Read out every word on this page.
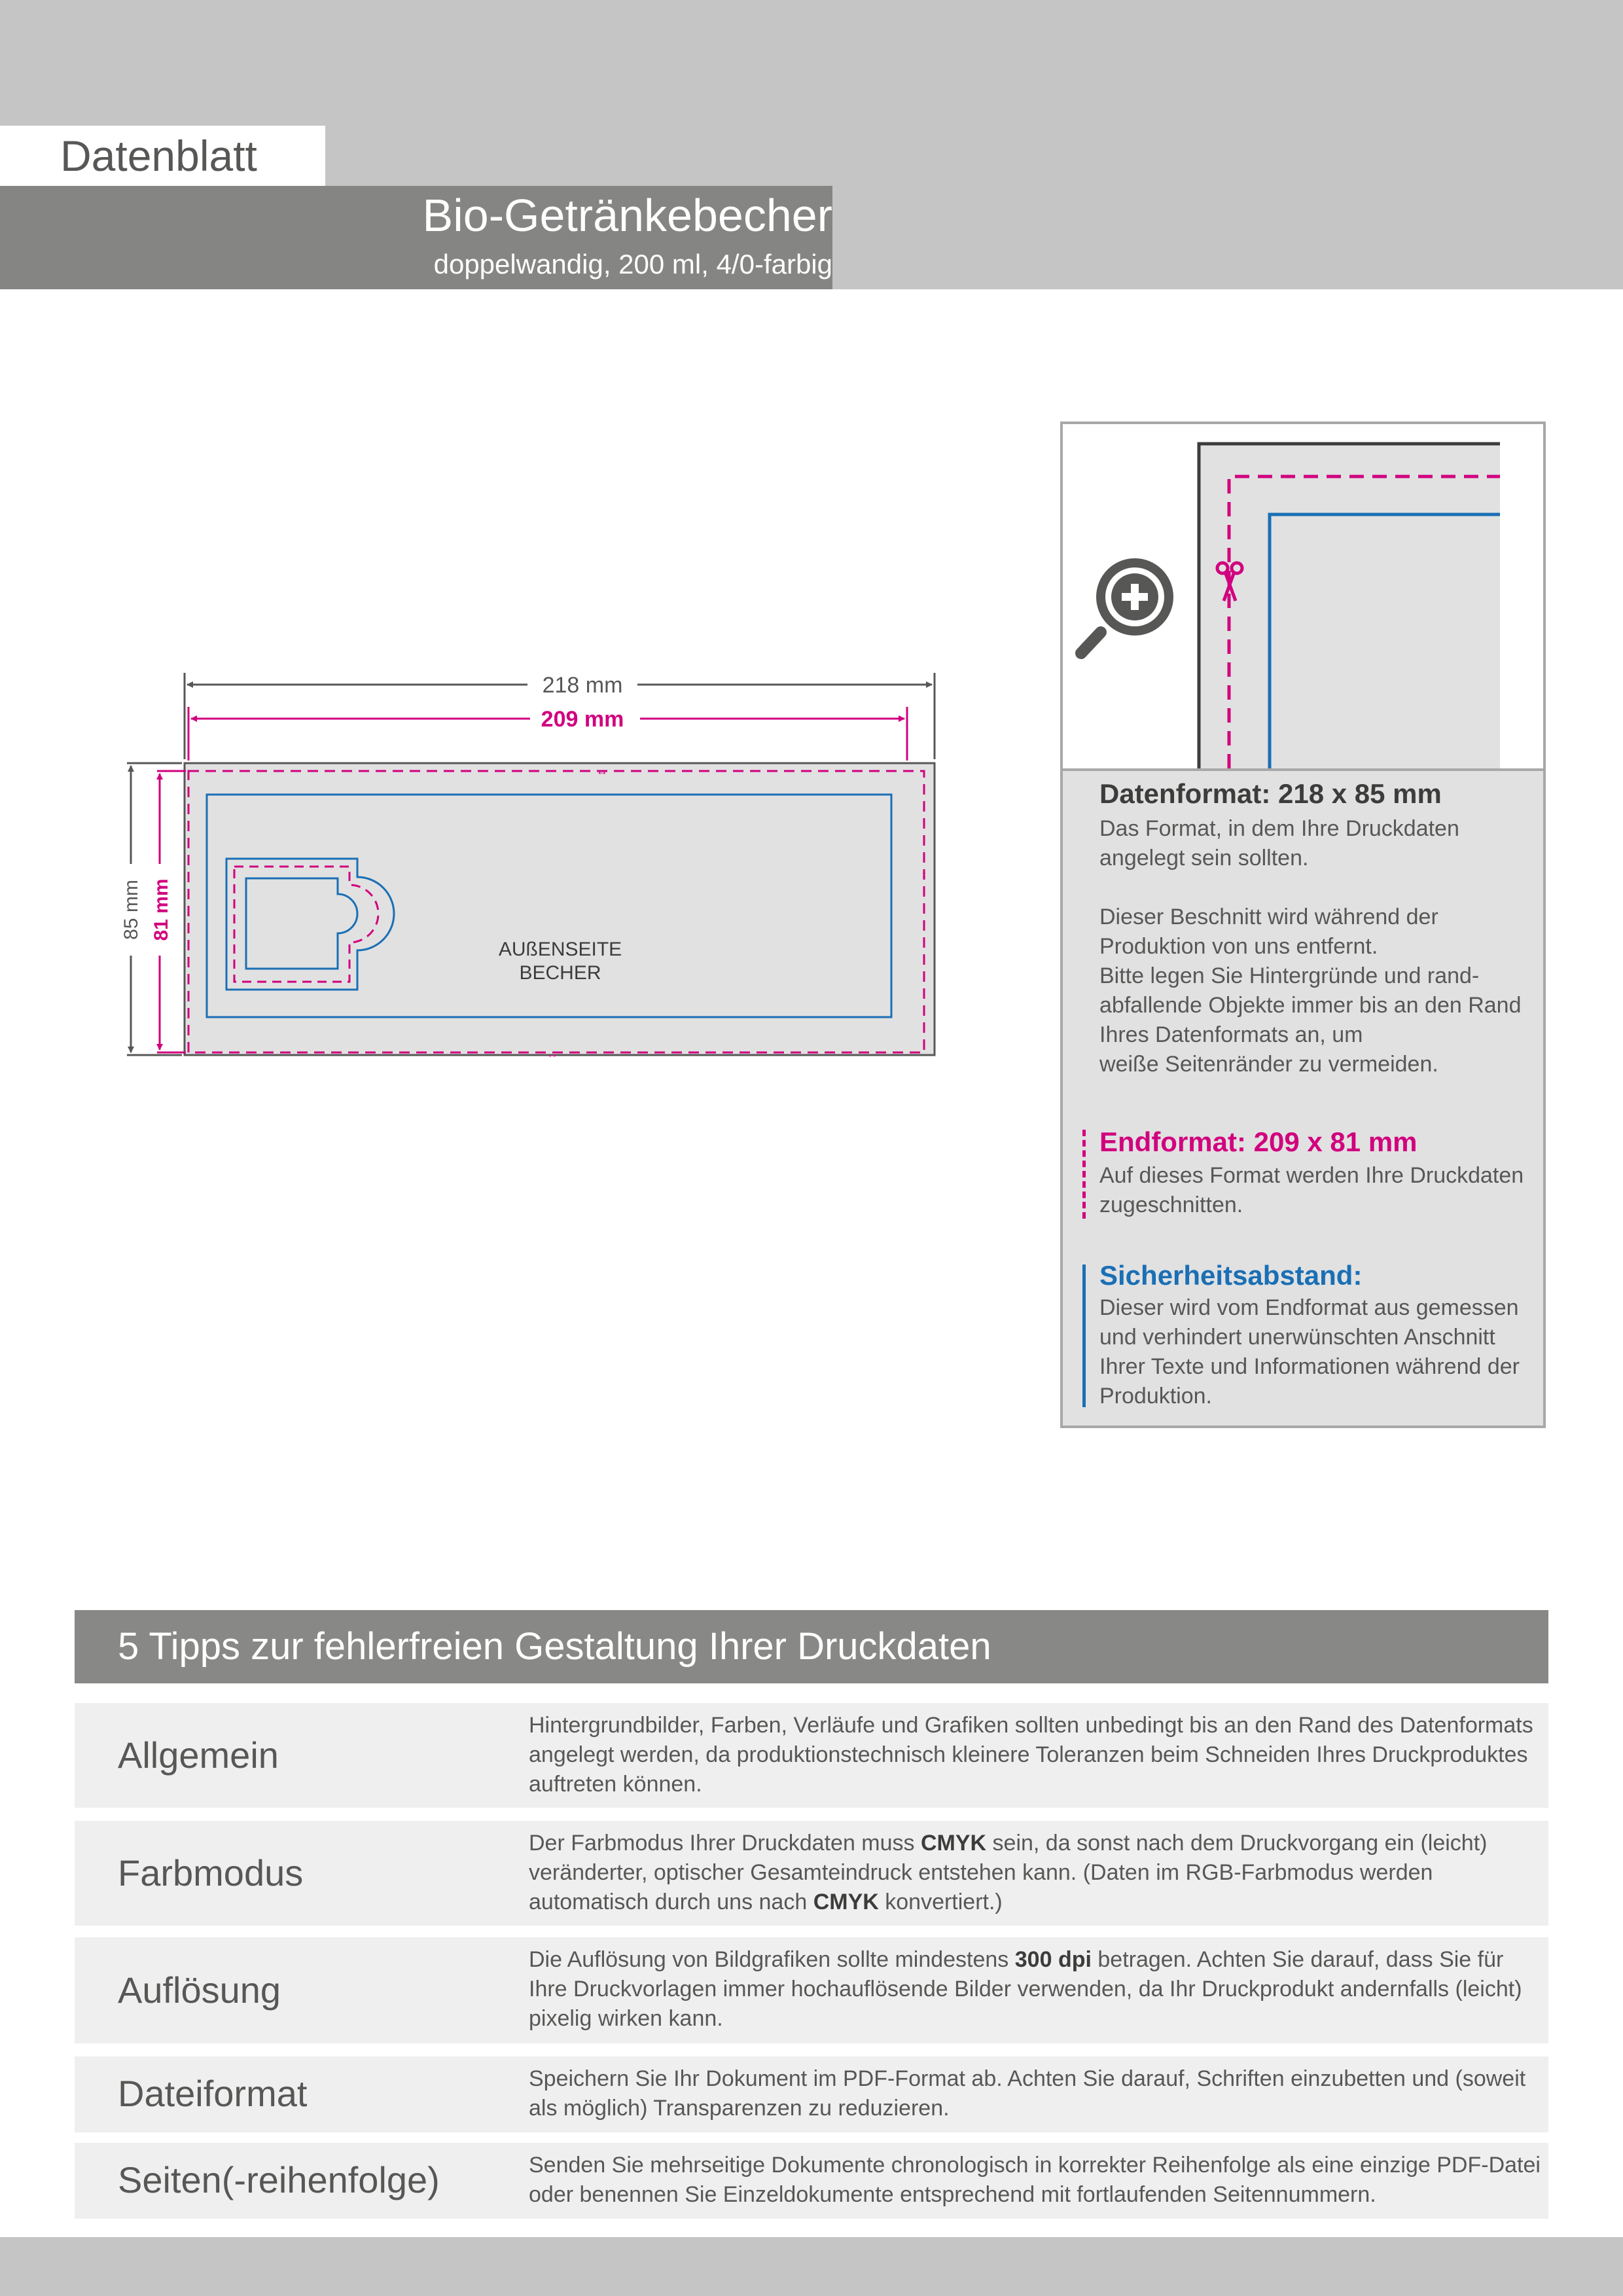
Datenblatt
Bio-Getränkebecher
doppelwandig, 200 ml, 4/0-farbig
↔
↔
↕
AUßENSEITE
BECHER
218 mm
209 mm
85 mm 81 mm
Datenformat: 218 x 85 mm
Das Format, in dem Ihre Druckdaten
angelegt sein sollten.

Dieser Beschnitt wird während der
Produktion von uns entfernt.
Bitte legen Sie Hintergründe und rand-
abfallende Objekte immer bis an den Rand
Ihres Datenformats an, um
weiße Seitenränder zu vermeiden.
Endformat: 209 x 81 mm
Auf dieses Format werden Ihre Druckdaten
zugeschnitten.
Sicherheitsabstand:
Dieser wird vom Endformat aus gemessen
und verhindert unerwünschten Anschnitt
Ihrer Texte und Informationen während der
Produktion.
5 Tipps zur fehlerfreien Gestaltung Ihrer Druckdaten
Allgemein
Hintergrundbilder, Farben, Verläufe und Grafiken sollten unbedingt bis an den Rand des Datenformats angelegt werden, da produktionstechnisch kleinere Toleranzen beim Schneiden Ihres Druckproduktes auftreten können.
Farbmodus
Der Farbmodus Ihrer Druckdaten muss CMYK sein, da sonst nach dem Druckvorgang ein (leicht) veränderter, optischer Gesamteindruck entstehen kann. (Daten im RGB-Farbmodus werden automatisch durch uns nach CMYK konvertiert.)
Auflösung
Die Auflösung von Bildgrafiken sollte mindestens 300 dpi betragen. Achten Sie darauf, dass Sie für Ihre Druckvorlagen immer hochauflösende Bilder verwenden, da Ihr Druckprodukt andernfalls (leicht) pixelig wirken kann.
Dateiformat	Speichern Sie Ihr Dokument im PDF-Format ab. Achten Sie darauf, Schriften einzubetten und (soweit als möglich) Transparenzen zu reduzieren.
Seiten(-reihenfolge)	Senden Sie mehrseitige Dokumente chronologisch in korrekter Reihenfolge als eine einzige PDF-Datei oder benennen Sie Einzeldokumente entsprechend mit fortlaufenden Seitennummern.
